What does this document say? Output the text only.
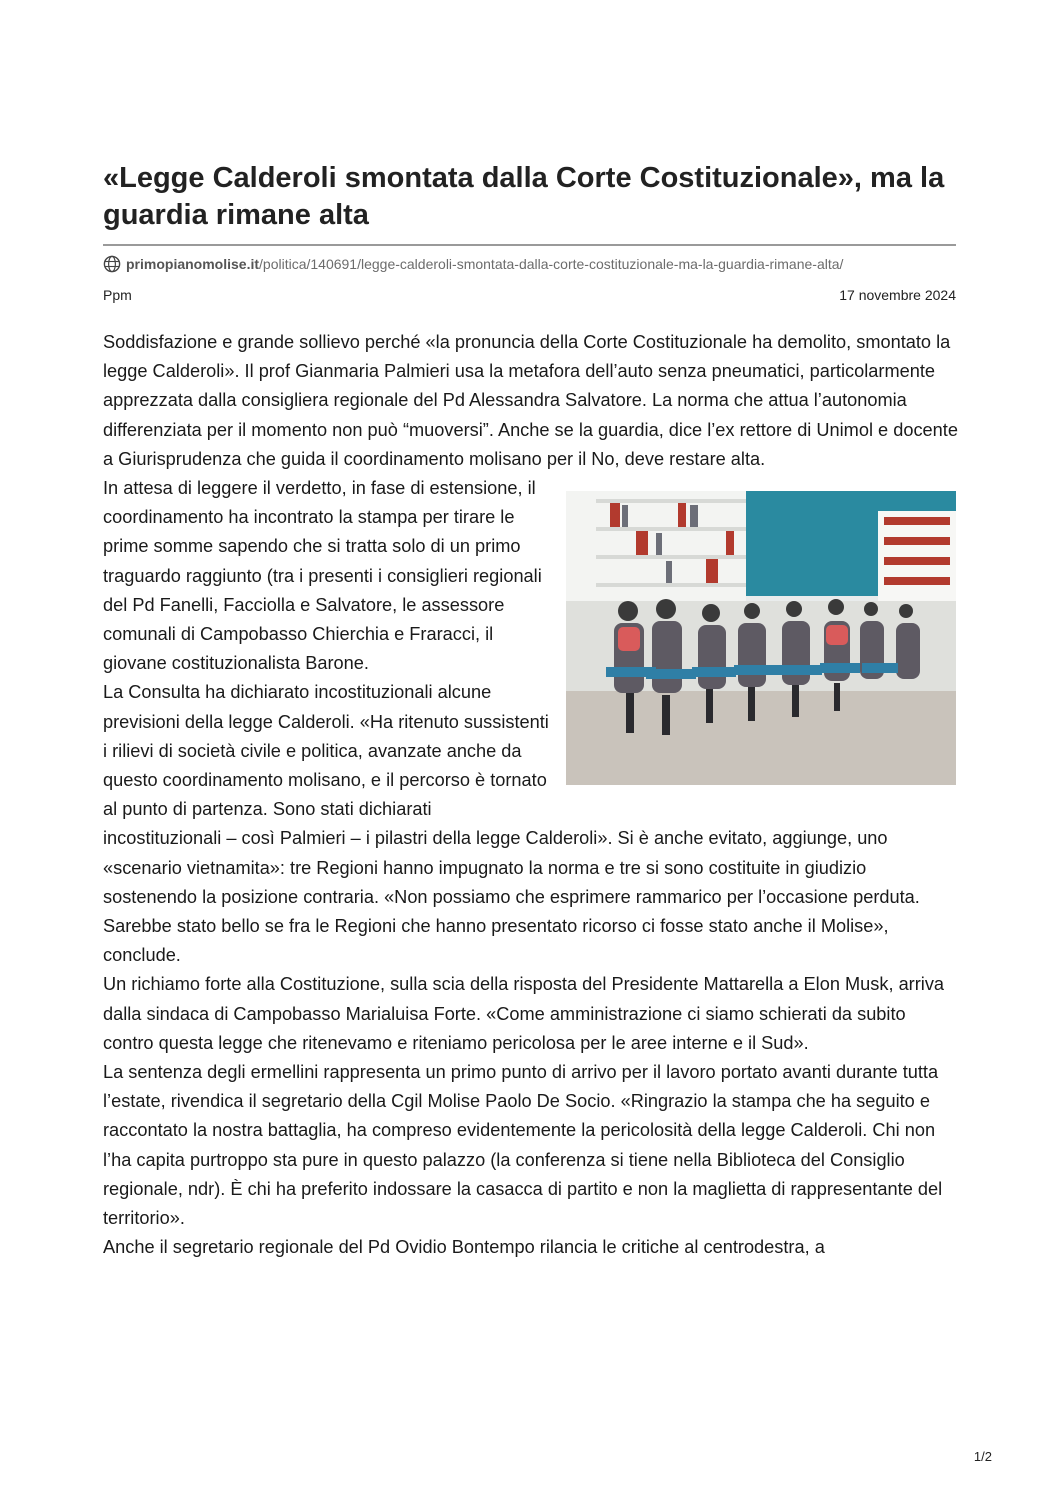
«Legge Calderoli smontata dalla Corte Costituzionale», ma la guardia rimane alta
primopianomolise.it /politica/140691/legge-calderoli-smontata-dalla-corte-costituzionale-ma-la-guardia-rimane-alta/
Ppm	17 novembre 2024

Soddisfazione e grande sollievo perché «la pronuncia della Corte Costituzionale ha demolito, smontato la legge Calderoli». Il prof Gianmaria Palmieri usa la metafora dell’auto senza pneumatici, particolarmente apprezzata dalla consigliera regionale del Pd Alessandra Salvatore. La norma che attua l’autonomia differenziata per il momento non può “muoversi”. Anche se la guardia, dice l’ex rettore di Unimol e docente a Giurisprudenza che guida il coordinamento molisano per il No, deve restare alta.

In attesa di leggere il verdetto, in fase di estensione, il coordinamento ha incontrato la stampa per tirare le prime somme sapendo che si tratta solo di un primo traguardo raggiunto (tra i presenti i consiglieri regionali del Pd Fanelli, Facciolla e Salvatore, le assessore comunali di Campobasso Chierchia e Fraracci, il giovane costituzionalista Barone.

La Consulta ha dichiarato incostituzionali alcune previsioni della legge Calderoli. «Ha ritenuto sussistenti i rilievi di società civile e politica, avanzate anche da questo coordinamento molisano, e il percorso è tornato al punto di partenza. Sono stati dichiarati incostituzionali – così Palmieri – i pilastri della legge Calderoli». Si è anche evitato, aggiunge, uno «scenario vietnamita»: tre Regioni hanno impugnato la norma e tre si sono costituite in giudizio sostenendo la posizione contraria. «Non possiamo che esprimere rammarico per l’occasione perduta. Sarebbe stato bello se fra le Regioni che hanno presentato ricorso ci fosse stato anche il Molise», conclude.

Un richiamo forte alla Costituzione, sulla scia della risposta del Presidente Mattarella a Elon Musk, arriva dalla sindaca di Campobasso Marialuisa Forte. «Come amministrazione ci siamo schierati da subito contro questa legge che ritenevamo e riteniamo pericolosa per le aree interne e il Sud».

La sentenza degli ermellini rappresenta un primo punto di arrivo per il lavoro portato avanti durante tutta l’estate, rivendica il segretario della Cgil Molise Paolo De Socio. «Ringrazio la stampa che ha seguito e raccontato la nostra battaglia, ha compreso evidentemente la pericolosità della legge Calderoli. Chi non l’ha capita purtroppo sta pure in questo palazzo (la conferenza si tiene nella Biblioteca del Consiglio regionale, ndr). È chi ha preferito indossare la casacca di partito e non la maglietta di rappresentante del territorio».

Anche il segretario regionale del Pd Ovidio Bontempo rilancia le critiche al centrodestra, a

1/2
